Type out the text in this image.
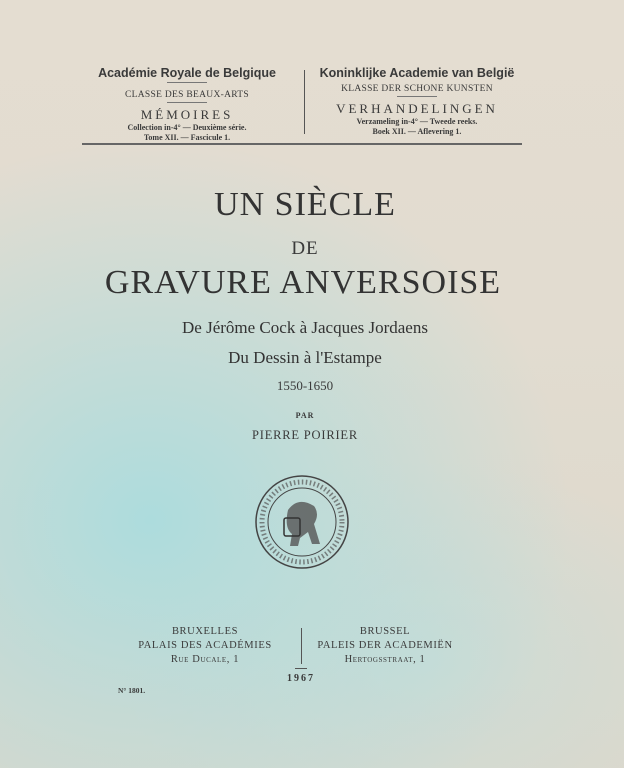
Académie Royale de Belgique
CLASSE DES BEAUX-ARTS
MÉMOIRES
Collection in-4° — Deuxième série.
Tome XII. — Fascicule 1.
Koninklijke Academie van België
KLASSE DER SCHONE KUNSTEN
VERHANDELINGEN
Verzameling in-4° — Tweede reeks.
Boek XII. — Aflevering 1.
UN SIÈCLE
DE
GRAVURE ANVERSOISE
De Jérôme Cock à Jacques Jordaens
Du Dessin à l'Estampe
1550-1650
PAR
PIERRE POIRIER
BRUXELLES
PALAIS DES ACADÉMIES
Rue Ducale, 1
BRUSSEL
PALEIS DER ACADEMIËN
Hertogsstraat, 1
1967
N° 1801.
